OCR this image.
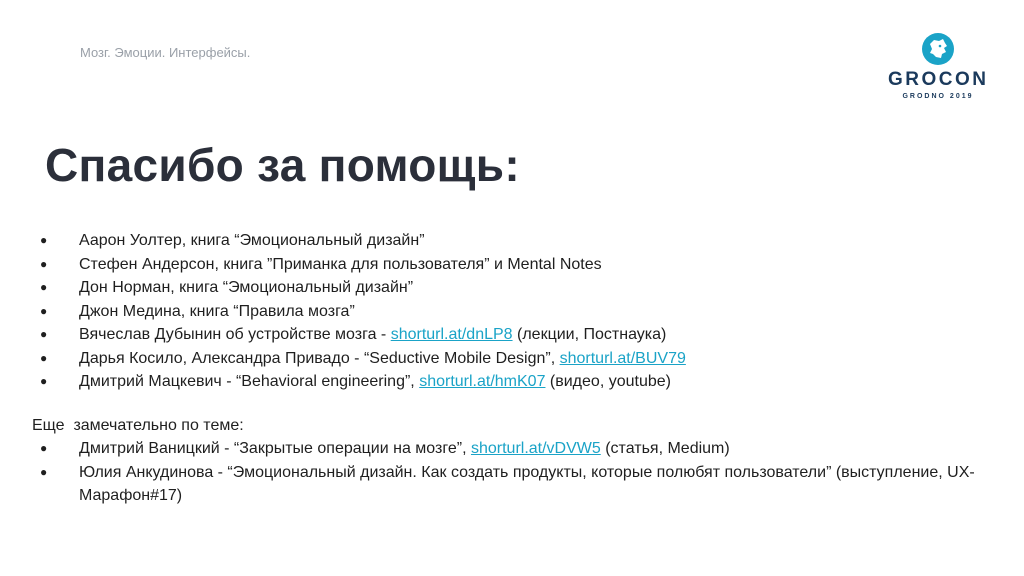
Мозг. Эмоции. Интерфейсы.
GROCON
GRODNO 2019
Спасибо за помощь:
●	Аарон Уолтер, книга “Эмоциональный дизайн”
●	Стефен Андерсон, книга ”Приманка для пользователя” и Mental Notes
●	Дон Норман, книга “Эмоциональный дизайн”
●	Джон Медина, книга “Правила мозга”
●	Вячеслав Дубынин об устройстве мозга - shorturl.at/dnLP8 (лекции, Постнаука)
●	Дарья Косило, Александра Привадо - “Seductive Mobile Design”, shorturl.at/BUV79
●	Дмитрий Мацкевич - “Behavioral engineering”, shorturl.at/hmK07 (видео, youtube)
Еще  замечательно по теме:
●	Дмитрий Ваницкий - “Закрытые операции на мозге”, shorturl.at/vDVW5 (статья, Medium)
●	Юлия Анкудинова - “Эмоциональный дизайн. Как создать продукты, которые полюбят пользователи” (выступление, UX-Марафон#17)
